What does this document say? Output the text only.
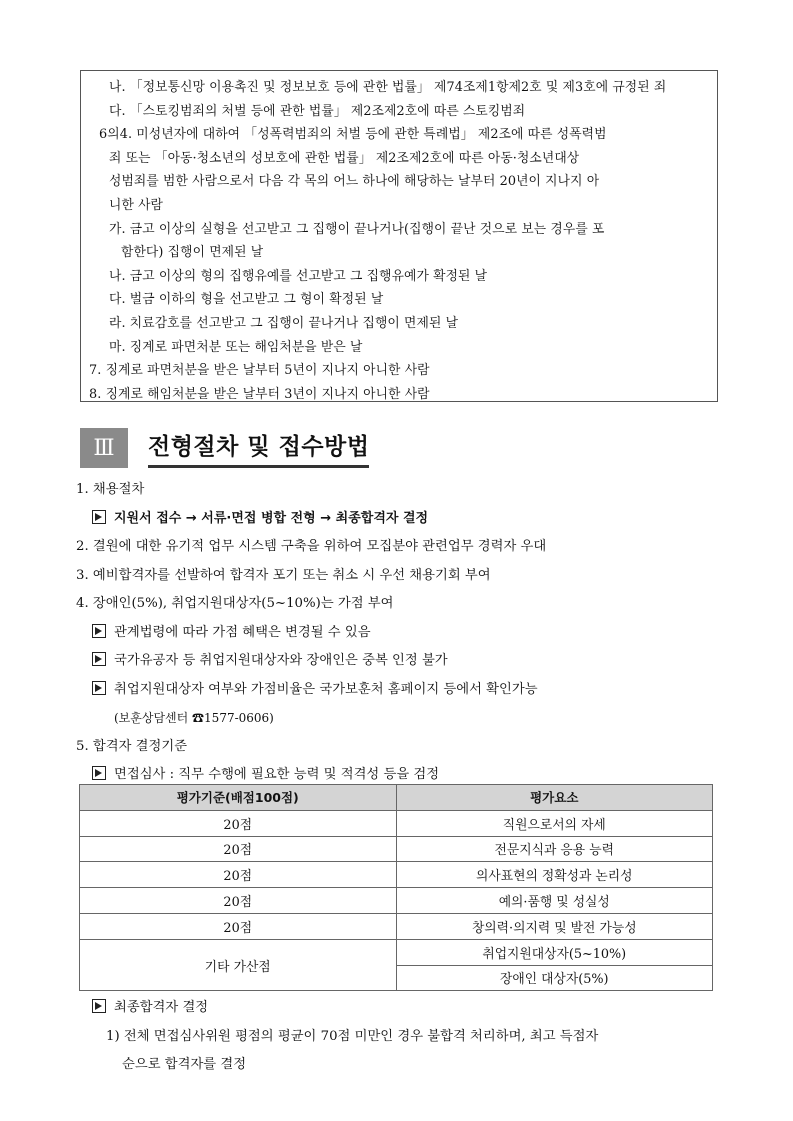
나. 「정보통신망 이용촉진 및 정보보호 등에 관한 법률」 제74조제1항제2호 및 제3호에 규정된 죄
다. 「스토킹범죄의 처벌 등에 관한 법률」 제2조제2호에 따른 스토킹범죄
6의4. 미성년자에 대하여 「성폭력범죄의 처벌 등에 관한 특례법」 제2조에 따른 성폭력범
죄 또는 「아동·청소년의 성보호에 관한 법률」 제2조제2호에 따른 아동·청소년대상
성범죄를 범한 사람으로서 다음 각 목의 어느 하나에 해당하는 날부터 20년이 지나지 아
니한 사람
가. 금고 이상의 실형을 선고받고 그 집행이 끝나거나(집행이 끝난 것으로 보는 경우를 포
함한다) 집행이 면제된 날
나. 금고 이상의 형의 집행유예를 선고받고 그 집행유예가 확정된 날
다. 벌금 이하의 형을 선고받고 그 형이 확정된 날
라. 치료감호를 선고받고 그 집행이 끝나거나 집행이 면제된 날
마. 징계로 파면처분 또는 해임처분을 받은 날
7. 징계로 파면처분을 받은 날부터 5년이 지나지 아니한 사람
8. 징계로 해임처분을 받은 날부터 3년이 지나지 아니한 사람
Ⅲ	전형절차 및 접수방법
1. 채용절차
지원서 접수 → 서류·면접 병합 전형 → 최종합격자 결정
2. 결원에 대한 유기적 업무 시스템 구축을 위하여 모집분야 관련업무 경력자 우대
3. 예비합격자를 선발하여 합격자 포기 또는 취소 시 우선 채용기회 부여
4. 장애인(5%), 취업지원대상자(5~10%)는 가점 부여
관계법령에 따라 가점 혜택은 변경될 수 있음
국가유공자 등 취업지원대상자와 장애인은 중복 인정 불가
취업지원대상자 여부와 가점비율은 국가보훈처 홈페이지 등에서 확인가능
(보훈상담센터 ☎1577-0606)
5. 합격자 결정기준
면접심사 : 직무 수행에 필요한 능력 및 적격성 등을 검정
평가기준(배점100점)	평가요소
20점	직원으로서의 자세
20점	전문지식과 응용 능력
20점	의사표현의 정확성과 논리성
20점	예의·품행 및 성실성
20점	창의력·의지력 및 발전 가능성
기타 가산점	취업지원대상자(5~10%)
	장애인 대상자(5%)
최종합격자 결정
1) 전체 면접심사위원 평점의 평균이 70점 미만인 경우 불합격 처리하며, 최고 득점자
순으로 합격자를 결정
